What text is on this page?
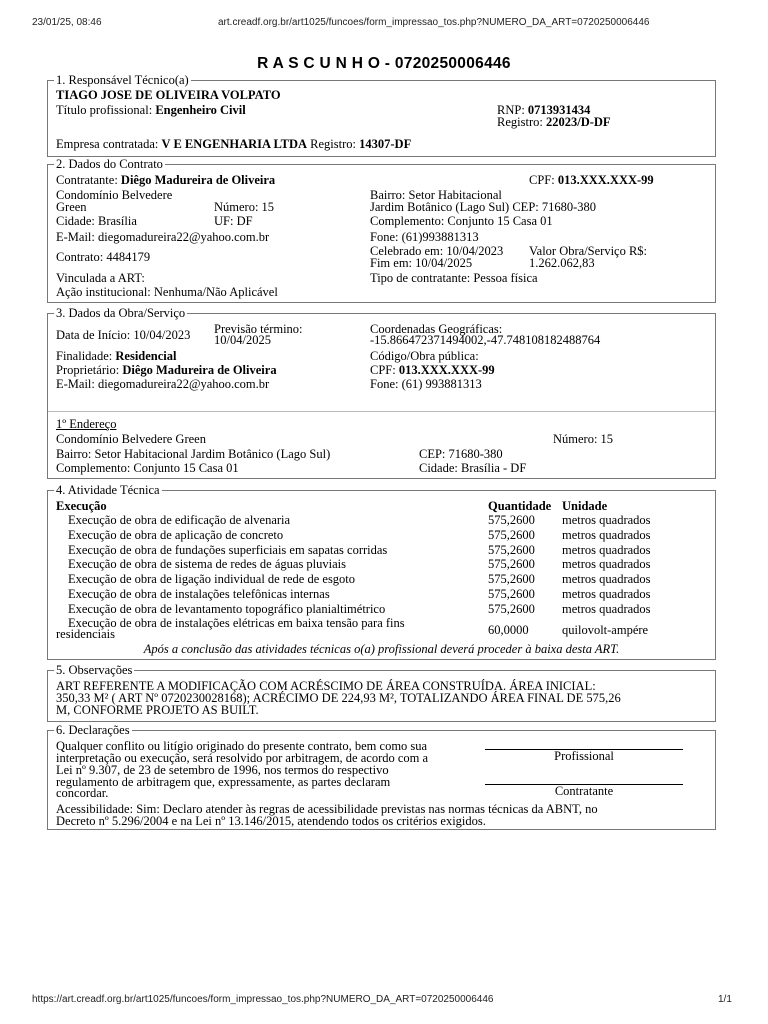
23/01/25, 08:46	art.creadf.org.br/art1025/funcoes/form_impressao_tos.php?NUMERO_DA_ART=0720250006446
https://art.creadf.org.br/art1025/funcoes/form_impressao_tos.php?NUMERO_DA_ART=0720250006446	1/1
R A S C U N H O - 0720250006446
1. Responsável Técnico(a)
TIAGO JOSE DE OLIVEIRA VOLPATO
Título profissional: Engenheiro Civil	RNP: 0713931434
Registro: 22023/D-DF
Empresa contratada: V E ENGENHARIA LTDA Registro: 14307-DF
2. Dados do Contrato
Contratante: Diêgo Madureira de Oliveira	CPF: 013.XXX.XXX-99
Condomínio Belvedere
Green	Número: 15
Bairro: Setor Habitacional
Jardim Botânico (Lago Sul) CEP: 71680-380
Cidade: Brasília	UF: DF	Complemento: Conjunto 15 Casa 01
E-Mail: diegomadureira22@yahoo.com.br	Fone: (61)993881313
Contrato: 4484179	Celebrado em: 10/04/2023
Fim em: 10/04/2025
Valor Obra/Serviço R$:
1.262.062,83
Vinculada a ART:	Tipo de contratante: Pessoa física
Ação institucional: Nenhuma/Não Aplicável
3. Dados da Obra/Serviço
Data de Início: 10/04/2023 Previsão término:
10/04/2025
Coordenadas Geográficas:
-15.866472371494002,-47.748108182488764
Finalidade: Residencial	Código/Obra pública:
Proprietário: Diêgo Madureira de Oliveira	CPF: 013.XXX.XXX-99
E-Mail: diegomadureira22@yahoo.com.br	Fone: (61) 993881313
1º Endereço
Condomínio Belvedere Green	Número: 15
Bairro: Setor Habitacional Jardim Botânico (Lago Sul)	CEP: 71680-380
Complemento: Conjunto 15 Casa 01	Cidade: Brasília - DF
4. Atividade Técnica
Execução	Quantidade Unidade
Execução de obra de edificação de alvenaria	575,2600 metros quadrados
Execução de obra de aplicação de concreto	575,2600 metros quadrados
Execução de obra de fundações superficiais em sapatas corridas	575,2600 metros quadrados
Execução de obra de sistema de redes de águas pluviais	575,2600 metros quadrados
Execução de obra de ligação individual de rede de esgoto	575,2600 metros quadrados
Execução de obra de instalações telefônicas internas	575,2600 metros quadrados
Execução de obra de levantamento topográfico planialtimétrico	575,2600 metros quadrados
Execução de obra de instalações elétricas em baixa tensão para fins
residenciais	60,0000	quilovolt-ampére
Após a conclusão das atividades técnicas o(a) profissional deverá proceder à baixa desta ART.
5. Observações
ART REFERENTE A MODIFICAÇÃO COM ACRÉSCIMO DE ÁREA CONSTRUÍDA. ÁREA INICIAL:
350,33 M² ( ART Nº 0720230028168); ACRÉCIMO DE 224,93 M², TOTALIZANDO ÁREA FINAL DE 575,26
M, CONFORME PROJETO AS BUILT.
6. Declarações
Qualquer conflito ou litígio originado do presente contrato, bem como sua
interpretação ou execução, será resolvido por arbitragem, de acordo com a
Lei nº 9.307, de 23 de setembro de 1996, nos termos do respectivo
regulamento de arbitragem que, expressamente, as partes declaram
concordar.
Profissional
Contratante
Acessibilidade: Sim: Declaro atender às regras de acessibilidade previstas nas normas técnicas da ABNT, no
Decreto nº 5.296/2004 e na Lei nº 13.146/2015, atendendo todos os critérios exigidos.
